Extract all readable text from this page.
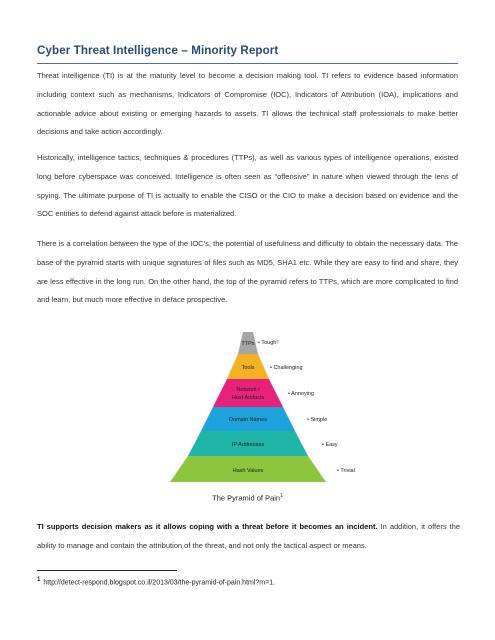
Cyber Threat Intelligence – Minority Report
Threat intelligence (TI) is at the maturity level to become a decision making tool. TI refers to evidence based information including context such as mechanisms, Indicators of Compromise (IOC), Indicators of Attribution (IOA), implications and actionable advice about existing or emerging hazards to assets. TI allows the technical staff professionals to make better decisions and take action accordingly.
Historically, intelligence tactics, techniques & procedures (TTPs), as well as various types of intelligence operations, existed long before cyberspace was conceived. Intelligence is often seen as “offensive” in nature when viewed through the lens of spying. The ultimate purpose of TI is actually to enable the CISO or the CIO to make a decision based on evidence and the SOC entities to defend against attack before is materialized.
There is a correlation between the type of the IOC’s, the potential of usefulness and difficulty to obtain the necessary data. The base of the pyramid starts with unique signatures of files such as MD5, SHA1 etc. While they are easy to find and share, they are less effective in the long run. On the other hand, the top of the pyramid refers to TTPs, which are more complicated to find and learn, but much more effective in deface prospective.
TTPs • Tough!
Tools	• Challenging
Network /
Host Artifacts
• Annoying
Domain Names	• Simple
IP Addresses	• Easy
Hash Values	• Trivial
The Pyramid of Pain$^1$
TI supports decision makers as it allows coping with a threat before it becomes an incident. In addition, it offers the ability to manage and contain the attribution of the threat, and not only the tactical aspect or means.
$^1$ http://detect-respond.blogspot.co.il/2013/03/the-pyramid-of-pain.html?m=1.
